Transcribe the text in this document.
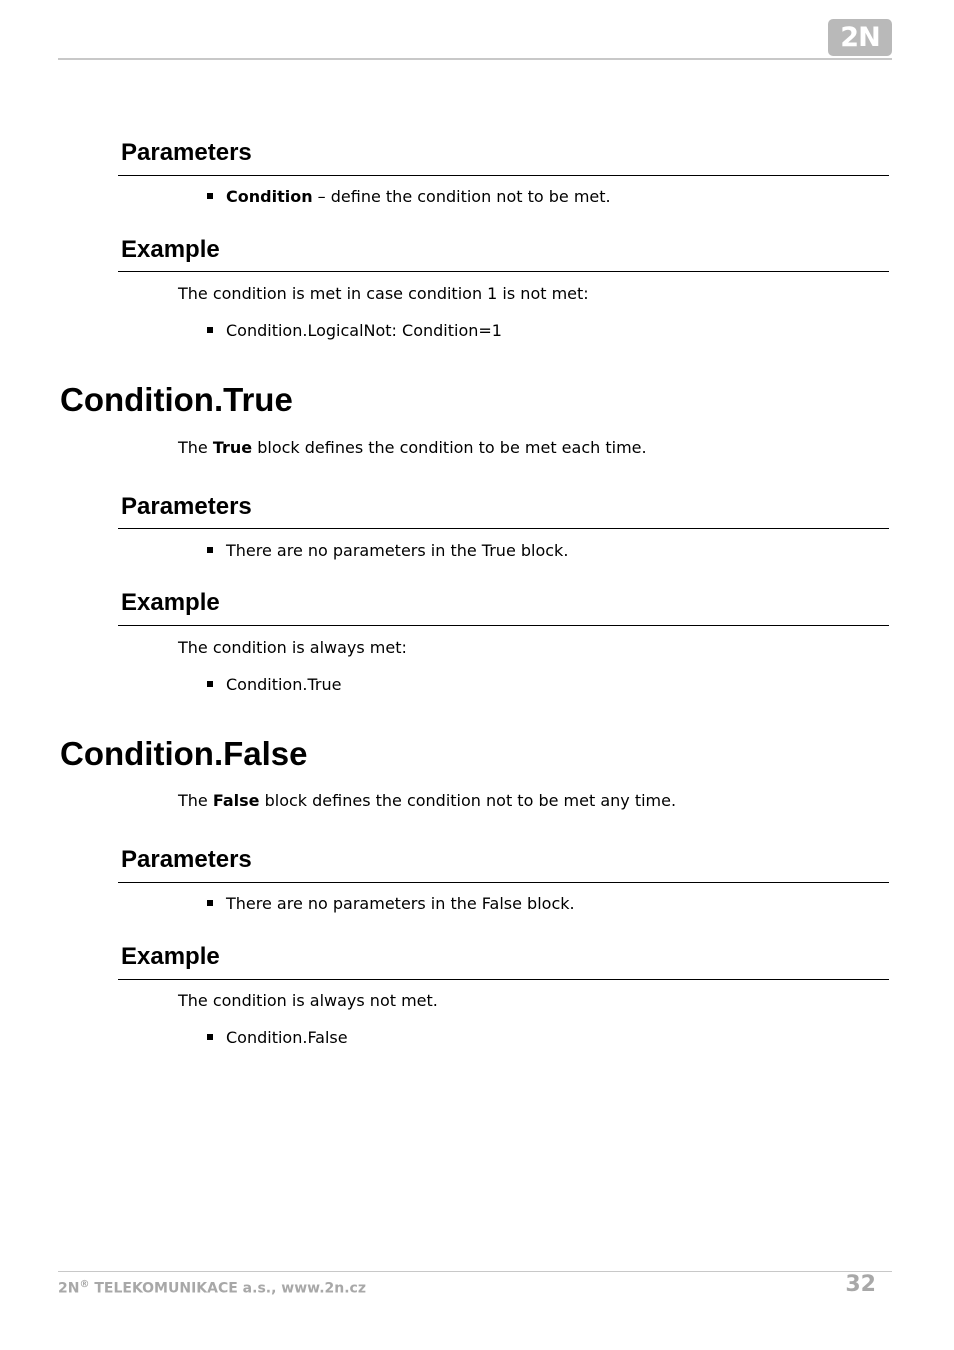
2N
Parameters
Condition – define the condition not to be met.
Example

The condition is met in case condition 1 is not met:

Condition.LogicalNot: Condition=1
Condition.True

The True block defines the condition to be met each time.

Parameters
There are no parameters in the True block.
Example

The condition is always met:

Condition.True
Condition.False

The False block defines the condition not to be met any time.

Parameters
There are no parameters in the False block.
Example

The condition is always not met.

Condition.False
2N® TELEKOMUNIKACE a.s., www.2n.cz	32
